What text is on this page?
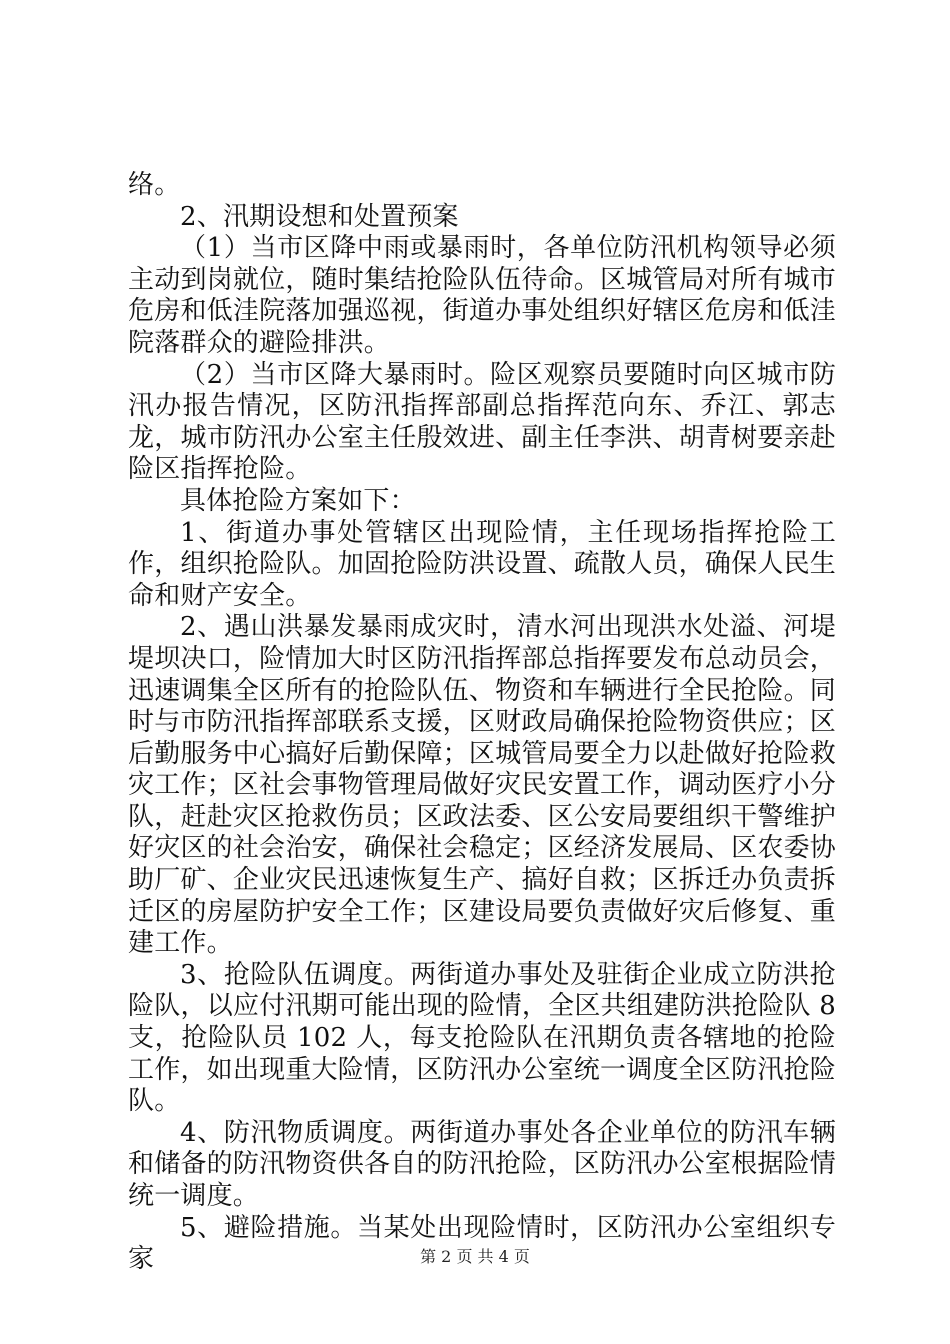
络。

2、汛期设想和处置预案

（1）当市区降中雨或暴雨时，各单位防汛机构领导必须主动到岗就位，随时集结抢险队伍待命。区城管局对所有城市危房和低洼院落加强巡视，街道办事处组织好辖区危房和低洼院落群众的避险排洪。

（2）当市区降大暴雨时。险区观察员要随时向区城市防汛办报告情况，区防汛指挥部副总指挥范向东、乔江、郭志龙，城市防汛办公室主任殷效进、副主任李洪、胡青树要亲赴险区指挥抢险。

具体抢险方案如下：

1、街道办事处管辖区出现险情，主任现场指挥抢险工作，组织抢险队。加固抢险防洪设置、疏散人员，确保人民生命和财产安全。

2、遇山洪暴发暴雨成灾时，清水河出现洪水处溢、河堤堤坝决口，险情加大时区防汛指挥部总指挥要发布总动员会，迅速调集全区所有的抢险队伍、物资和车辆进行全民抢险。同时与市防汛指挥部联系支援，区财政局确保抢险物资供应；区后勤服务中心搞好后勤保障；区城管局要全力以赴做好抢险救灾工作；区社会事物管理局做好灾民安置工作，调动医疗小分队，赶赴灾区抢救伤员；区政法委、区公安局要组织干警维护好灾区的社会治安，确保社会稳定；区经济发展局、区农委协助厂矿、企业灾民迅速恢复生产、搞好自救；区拆迁办负责拆迁区的房屋防护安全工作；区建设局要负责做好灾后修复、重建工作。

3、抢险队伍调度。两街道办事处及驻街企业成立防洪抢险队，以应付汛期可能出现的险情，全区共组建防洪抢险队 8 支，抢险队员 102 人，每支抢险队在汛期负责各辖地的抢险工作，如出现重大险情，区防汛办公室统一调度全区防汛抢险队。

4、防汛物质调度。两街道办事处各企业单位的防汛车辆和储备的防汛物资供各自的防汛抢险，区防汛办公室根据险情统一调度。

5、避险措施。当某处出现险情时，区防汛办公室组织专家	第 2 页 共 4 页
